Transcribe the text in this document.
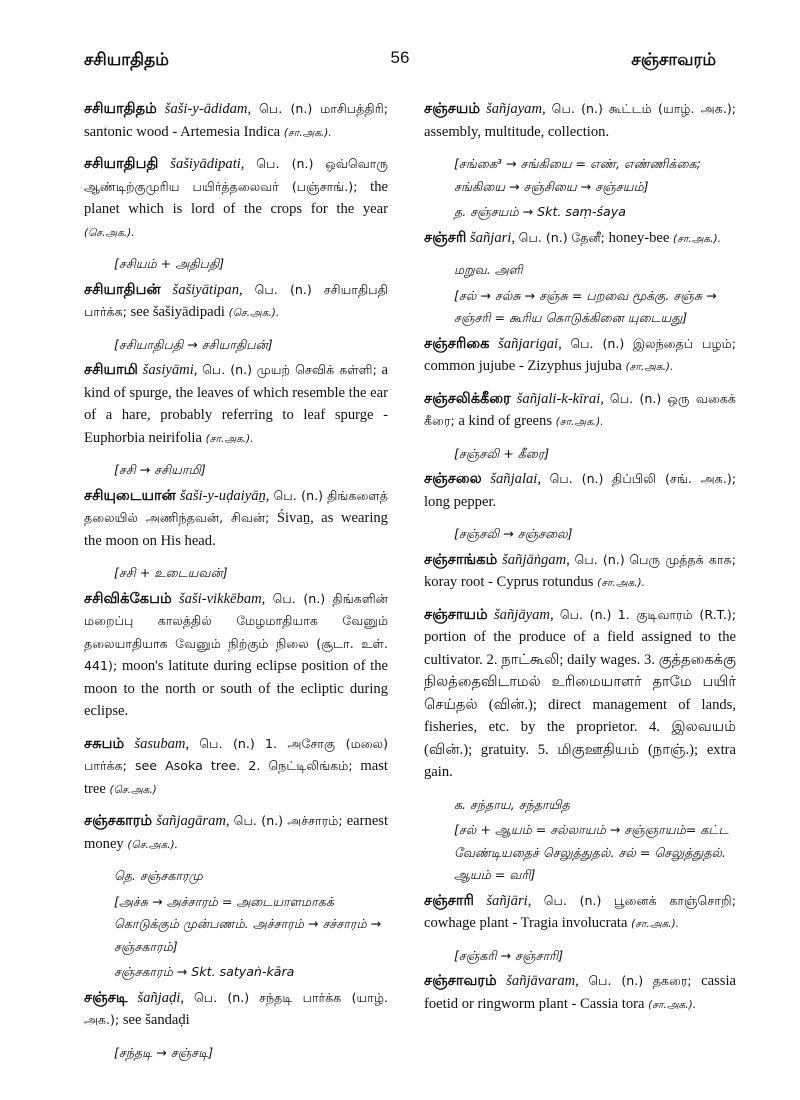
சசியாதிதம்	56	சஞ்சாவரம்
சசியாதிதம் šaši-y-ādidam, பெ. (n.) மாசிபத்திரி; santonic wood - Artemesia Indica (சா.அக.).
சசியாதிபதி šašiyādipati, பெ. (n.) ஒவ்வொரு ஆண்டிற்குமுரிய பயிர்த்தலைவர் (பஞ்சாங்.); the planet which is lord of the crops for the year (செ.அக.).
[சசியம் + அதிபதி]
சசியாதிபன் šašiyātipan, பெ. (n.) சசியாதிபதி பார்க்க; see šašiyādipadi (செ.அக.).
[சசியாதிபதி → சசியாதிபன்]
சசியாமி šasiyāmi, பெ. (n.) முயற் செவிக் கள்ளி; a kind of spurge, the leaves of which resemble the ear of a hare, probably referring to leaf spurge - Euphorbia neirifolia (சா.அக.).
[சசி → சசியாமி]
சசியுடையான் šaši-y-uḍaiyāṉ, பெ. (n.) திங்களைத் தலையில் அணிந்தவன், சிவன்; Śivaṉ, as wearing the moon on His head.
[சசி + உடையவன்]
சசிவிக்கேபம் šaši-vikkēbam, பெ. (n.) திங்களின் மறைப்பு காலத்தில் மேழமாதியாக வேனும் தலையாதியாக வேனும் நிற்கும் நிலை (சூடா. உள். 441); moon's latitute during eclipse position of the moon to the north or south of the ecliptic during eclipse.
சசுபம் šasubam, பெ. (n.) 1. அசோகு (மலை) பார்க்க; see Asoka tree. 2. நெட்டிலிங்கம்; mast tree (செ.அக.)
சஞ்சகாரம் šañjagāram, பெ. (n.) அச்சாரம்; earnest money (செ.அக.).
தெ. சஞ்சகாரமு
[அச்சு → அச்சாரம் = அடையாளமாகக் கொடுக்கும் முன்பணம். அச்சாரம் → சச்சாரம் → சஞ்சகாரம்]
சஞ்சகாரம் → Skt. satyaṅ-kāra
சஞ்சடி šañjaḍi, பெ. (n.) சந்தடி பார்க்க (யாழ். அக.); see šandaḍi
[சந்தடி → சஞ்சடி]
சஞ்சயம் šañjayam, பெ. (n.) கூட்டம் (யாழ். அக.); assembly, multitude, collection.
[சங்கை³ → சங்கியை = எண், எண்ணிக்கை; சங்கியை → சஞ்சியை → சஞ்சயம்]
த. சஞ்சயம் → Skt. saṃ-śaya
சஞ்சரி šañjari, பெ. (n.) தேனீ; honey-bee (சா.அக.).
மறுவ. அளி
[சல் → சல்சு → சஞ்சு = பறவை மூக்கு. சஞ்சு → சஞ்சரி = கூரிய கொடுக்கினை யுடையது]
சஞ்சரிகை šañjarigai, பெ. (n.) இலந்தைப் பழம்; common jujube - Zizyphus jujuba (சா.அக.).
சஞ்சலிக்கீரை šañjali-k-kīrai, பெ. (n.) ஒரு வகைக் கீரை; a kind of greens (சா.அக.).
[சஞ்சலி + கீரை]
சஞ்சலை šañjalai, பெ. (n.) திப்பிலி (சங். அக.); long pepper.
[சஞ்சலி → சஞ்சலை]
சஞ்சாங்கம் šañjāṅgam, பெ. (n.) பெரு முத்தக் காசு; koray root - Cyprus rotundus (சா.அக.).
சஞ்சாயம் šañjāyam, பெ. (n.) 1. குடிவாரம் (R.T.); portion of the produce of a field assigned to the cultivator. 2. நாட்கூலி; daily wages. 3. குத்தகைக்கு நிலத்தைவிடாமல் உரிமையாளர் தாமே பயிர் செய்தல் (வின்.); direct management of lands, fisheries, etc. by the proprietor. 4. இலவயம் (வின்.); gratuity. 5. மிகுஊதியம் (நாஞ்.); extra gain.
க. சந்தாய, சந்தாயித
[சல் + ஆயம் = சல்லாயம் → சஞ்ஞாயம்= கட்ட வேண்டியதைச் செலுத்துதல். சல் = செலுத்துதல். ஆயம் = வரி]
சஞ்சாரி šañjāri, பெ. (n.) பூனைக் காஞ்சொறி; cowhage plant - Tragia involucrata (சா.அக.).
[சஞ்கரி → சஞ்சாரி]
சஞ்சாவரம் šañjāvaram, பெ. (n.) தகரை; cassia foetid or ringworm plant - Cassia tora (சா.அக.).
